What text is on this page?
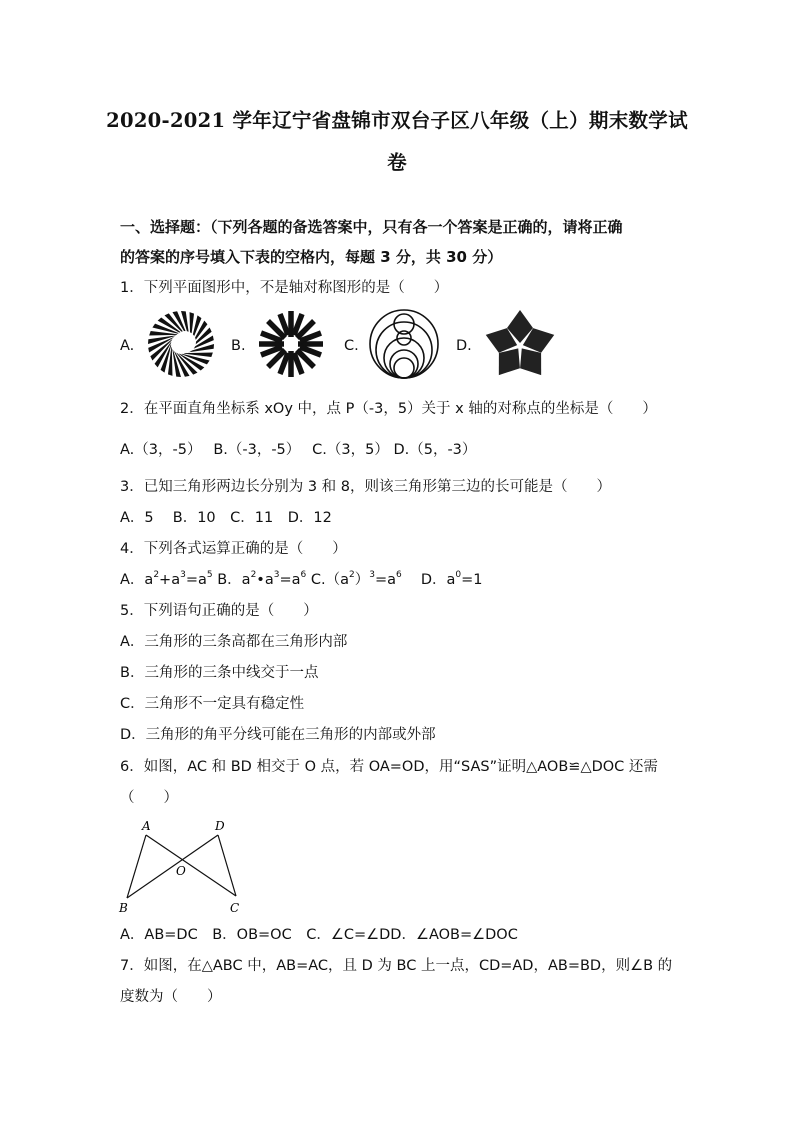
2020-2021 学年辽宁省盘锦市双台子区八年级（上）期末数学试
卷
一、选择题：（下列各题的备选答案中，只有各一个答案是正确的，请将正确
的答案的序号填入下表的空格内，每题 3 分，共 30 分）
1．下列平面图形中，不是轴对称图形的是（　　）
A.	B.	C.	D.
2．在平面直角坐标系 xOy 中，点 P（-3，5）关于 x 轴的对称点的坐标是（　　）
A.（3，-5）　 B.（-3，-5）　 C.（3，5） D.（5，-3）
3．已知三角形两边长分别为 3 和 8，则该三角形第三边的长可能是（　　）
A．5　 B．10　C．11　D．12
4．下列各式运算正确的是（　　）
A．$a^2+a^3=a^5$ B．$a^2•a^3=a^6$ $C.(a^2)^3=a^6$　 D．$a^0=1$
5．下列语句正确的是（　　）
A．三角形的三条高都在三角形内部
B．三角形的三条中线交于一点
C．三角形不一定具有稳定性
D．三角形的角平分线可能在三角形的内部或外部
6．如图，AC 和 BD 相交于 O 点，若 OA=OD，用“SAS”证明△AOB≌△DOC 还需
（　　）
A	D
O
B	C
A．AB=DC　B．OB=OC　C．∠C=∠DD．∠AOB=∠DOC
7．如图，在△ABC 中，AB=AC，且 D 为 BC 上一点，CD=AD，AB=BD，则∠B 的
度数为（　　）
